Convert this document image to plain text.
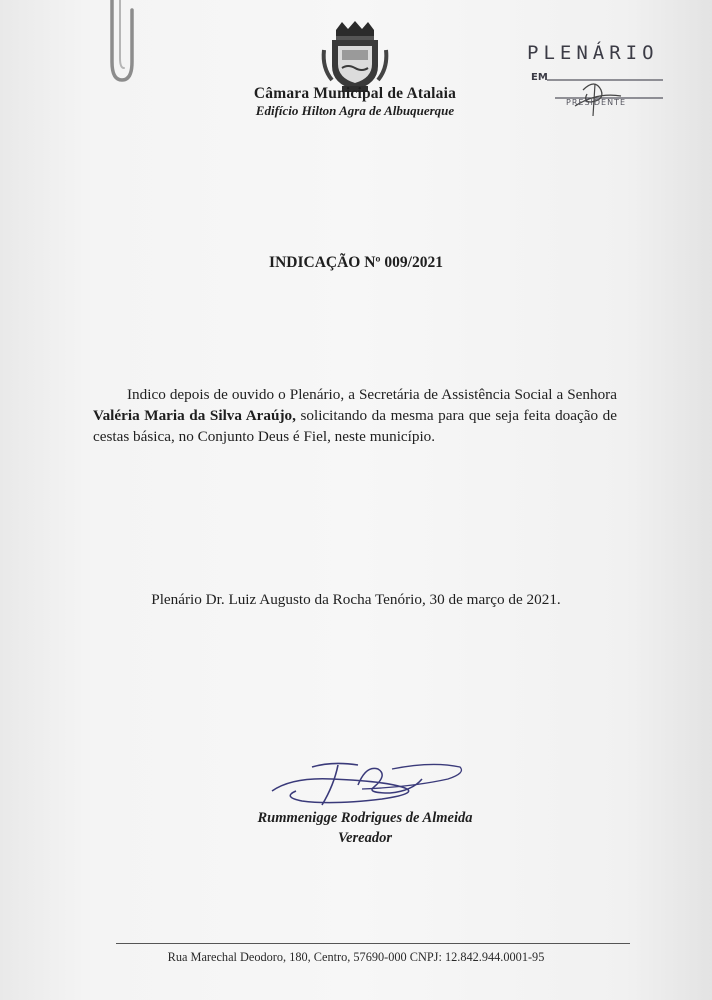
Câmara Municipal de Atalaia
Edifício Hilton Agra de Albuquerque
PLENÁRIO
EM
PRESIDENTE
INDICAÇÃO Nº 009/2021
Indico depois de ouvido o Plenário, a Secretária de Assistência Social a Senhora Valéria Maria da Silva Araújo, solicitando da mesma para que seja feita doação de cestas básica, no Conjunto Deus é Fiel, neste município.
Plenário Dr. Luiz Augusto da Rocha Tenório, 30 de março de 2021.
Rummenigge Rodrigues de Almeida
Vereador
Rua Marechal Deodoro, 180, Centro, 57690-000 CNPJ: 12.842.944.0001-95
